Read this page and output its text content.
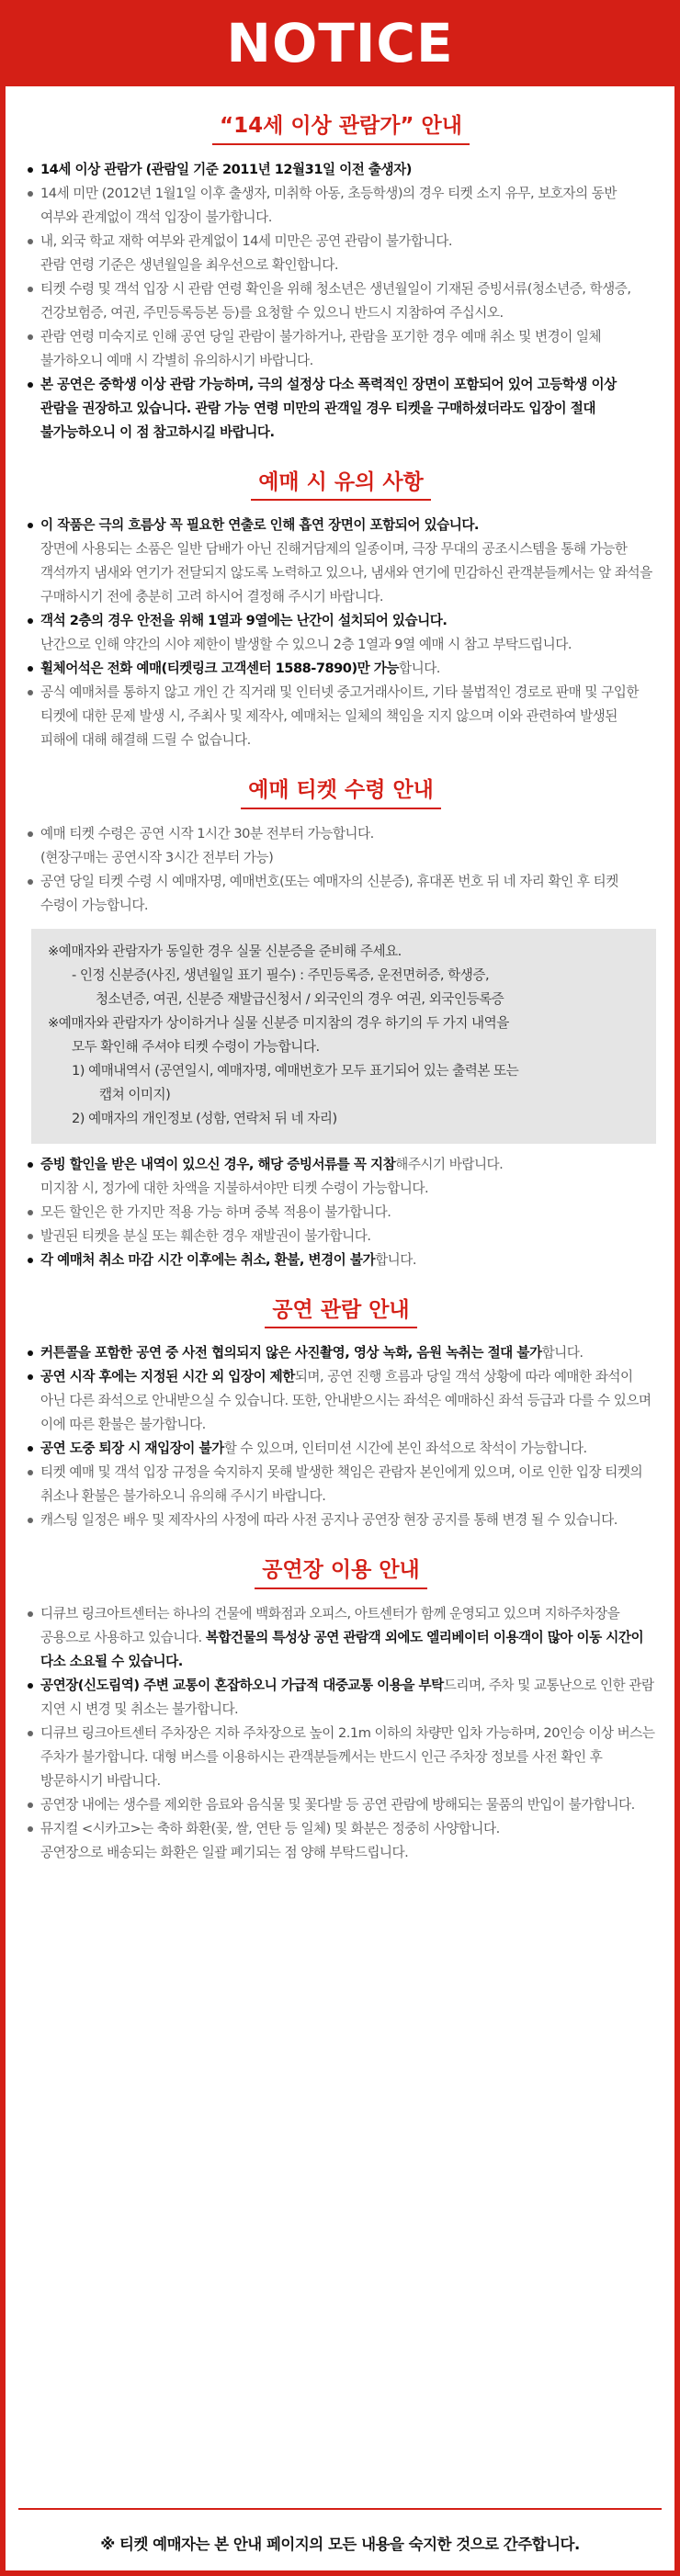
NOTICE
“14세 이상 관람가” 안내
14세 이상 관람가 (관람일 기준 2011년 12월31일 이전 출생자)
14세 미만 (2012년 1월1일 이후 출생자, 미취학 아동, 초등학생)의 경우 티켓 소지 유무, 보호자의 동반 여부와 관계없이 객석 입장이 불가합니다.
내, 외국 학교 재학 여부와 관계없이 14세 미만은 공연 관람이 불가합니다.
관람 연령 기준은 생년월일을 최우선으로 확인합니다.
티켓 수령 및 객석 입장 시 관람 연령 확인을 위해 청소년은 생년월일이 기재된 증빙서류(청소년증, 학생증, 건강보험증, 여권, 주민등록등본 등)를 요청할 수 있으니 반드시 지참하여 주십시오.
관람 연령 미숙지로 인해 공연 당일 관람이 불가하거나, 관람을 포기한 경우 예매 취소 및 변경이 일체 불가하오니 예매 시 각별히 유의하시기 바랍니다.
본 공연은 중학생 이상 관람 가능하며, 극의 설정상 다소 폭력적인 장면이 포함되어 있어 고등학생 이상 관람을 권장하고 있습니다. 관람 가능 연령 미만의 관객일 경우 티켓을 구매하셨더라도 입장이 절대 불가능하오니 이 점 참고하시길 바랍니다.
예매 시 유의 사항
이 작품은 극의 흐름상 꼭 필요한 연출로 인해 흡연 장면이 포함되어 있습니다.
장면에 사용되는 소품은 일반 담배가 아닌 진해거담제의 일종이며, 극장 무대의 공조시스템을 통해 가능한 객석까지 냄새와 연기가 전달되지 않도록 노력하고 있으나, 냄새와 연기에 민감하신 관객분들께서는 앞 좌석을 구매하시기 전에 충분히 고려 하시어 결정해 주시기 바랍니다.
객석 2층의 경우 안전을 위해 1열과 9열에는 난간이 설치되어 있습니다.
난간으로 인해 약간의 시야 제한이 발생할 수 있으니 2층 1열과 9열 예매 시 참고 부탁드립니다.
휠체어석은 전화 예매(티켓링크 고객센터 1588-7890)만 가능합니다.
공식 예매처를 통하지 않고 개인 간 직거래 및 인터넷 중고거래사이트, 기타 불법적인 경로로 판매 및 구입한 티켓에 대한 문제 발생 시, 주최사 및 제작사, 예매처는 일체의 책임을 지지 않으며 이와 관련하여 발생된 피해에 대해 해결해 드릴 수 없습니다.
예매 티켓 수령 안내
예매 티켓 수령은 공연 시작 1시간 30분 전부터 가능합니다.
(현장구매는 공연시작 3시간 전부터 가능)
공연 당일 티켓 수령 시 예매자명, 예매번호(또는 예매자의 신분증), 휴대폰 번호 뒤 네 자리 확인 후 티켓 수령이 가능합니다.

※예매자와 관람자가 동일한 경우 실물 신분증을 준비해 주세요.

- 인정 신분증(사진, 생년월일 표기 필수) : 주민등록증, 운전면허증, 학생증,

청소년증, 여권, 신분증 재발급신청서 / 외국인의 경우 여권, 외국인등록증

※예매자와 관람자가 상이하거나 실물 신분증 미지참의 경우 하기의 두 가지 내역을

모두 확인해 주셔야 티켓 수령이 가능합니다.

1) 예매내역서 (공연일시, 예매자명, 예매번호가 모두 표기되어 있는 출력본 또는

캡쳐 이미지)

2) 예매자의 개인정보 (성함, 연락처 뒤 네 자리)

증빙 할인을 받은 내역이 있으신 경우, 해당 증빙서류를 꼭 지참해주시기 바랍니다.
미지참 시, 정가에 대한 차액을 지불하셔야만 티켓 수령이 가능합니다.
모든 할인은 한 가지만 적용 가능 하며 중복 적용이 불가합니다.
발권된 티켓을 분실 또는 훼손한 경우 재발권이 불가합니다.
각 예매처 취소 마감 시간 이후에는 취소, 환불, 변경이 불가합니다.
공연 관람 안내
커튼콜을 포함한 공연 중 사전 협의되지 않은 사진촬영, 영상 녹화, 음원 녹취는 절대 불가합니다.
공연 시작 후에는 지정된 시간 외 입장이 제한되며, 공연 진행 흐름과 당일 객석 상황에 따라 예매한 좌석이 아닌 다른 좌석으로 안내받으실 수 있습니다. 또한, 안내받으시는 좌석은 예매하신 좌석 등급과 다를 수 있으며 이에 따른 환불은 불가합니다.
공연 도중 퇴장 시 재입장이 불가할 수 있으며, 인터미션 시간에 본인 좌석으로 착석이 가능합니다.
티켓 예매 및 객석 입장 규정을 숙지하지 못해 발생한 책임은 관람자 본인에게 있으며, 이로 인한 입장 티켓의 취소나 환불은 불가하오니 유의해 주시기 바랍니다.
캐스팅 일정은 배우 및 제작사의 사정에 따라 사전 공지나 공연장 현장 공지를 통해 변경 될 수 있습니다.
공연장 이용 안내
디큐브 링크아트센터는 하나의 건물에 백화점과 오피스, 아트센터가 함께 운영되고 있으며 지하주차장을 공용으로 사용하고 있습니다. 복합건물의 특성상 공연 관람객 외에도 엘리베이터 이용객이 많아 이동 시간이 다소 소요될 수 있습니다.
공연장(신도림역) 주변 교통이 혼잡하오니 가급적 대중교통 이용을 부탁드리며, 주차 및 교통난으로 인한 관람 지연 시 변경 및 취소는 불가합니다.
디큐브 링크아트센터 주차장은 지하 주차장으로 높이 2.1m 이하의 차량만 입차 가능하며, 20인승 이상 버스는 주차가 불가합니다. 대형 버스를 이용하시는 관객분들께서는 반드시 인근 주차장 정보를 사전 확인 후 방문하시기 바랍니다.
공연장 내에는 생수를 제외한 음료와 음식물 및 꽃다발 등 공연 관람에 방해되는 물품의 반입이 불가합니다.
뮤지컬 <시카고>는 축하 화환(꽃, 쌀, 연탄 등 일체) 및 화분은 정중히 사양합니다.
공연장으로 배송되는 화환은 일괄 폐기되는 점 양해 부탁드립니다.

※ 티켓 예매자는 본 안내 페이지의 모든 내용을 숙지한 것으로 간주합니다.
